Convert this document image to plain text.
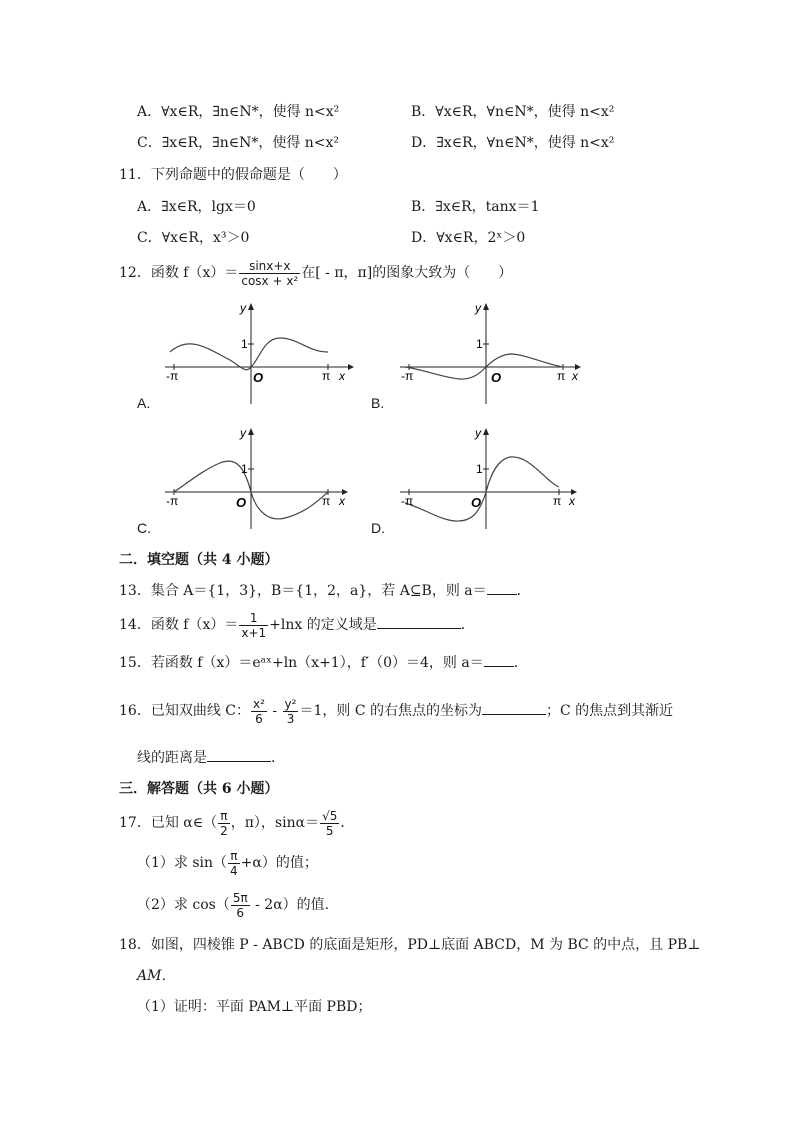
A．∀x∈R，∃n∈N*，使得 n<x²	B．∀x∈R，∀n∈N*，使得 n<x²
C．∃x∈R，∃n∈N*，使得 n<x²	D．∃x∈R，∀n∈N*，使得 n<x²
11．下列命题中的假命题是（　　）
A．∃x∈R，lgx＝0	B．∃x∈R，tanx＝1
C．∀x∈R，x³＞0	D．∀x∈R，2ˣ＞0
12．函数 $f(x)= \frac{\sin x+x}{\text{cosx + x²}}$ 在[ - π，π]的图象大致为（　　）
y
1
O
-π	π x
A.
y
1
O
-π	π x
B.
y
1
O
-π	π x
C.
y
1
O
-π	π x
D.
二．填空题（共 4 小题）
13．集合 A＝{1，3}，B＝{1，2，a}，若 A⊆B，则 a＝ ．
14．函数 $f(x)= \frac{1}{x+1} +\ln x$ 的定义域是	．
15．若函数 f（x）＝eᵃˣ+ln（x+1），f′（0）＝4，则 a＝ ．
16．已知双曲线 C： $\frac{\text{x²}}{6} - \frac{\text{y²}}{3} =1$，则 C 的右焦点的坐标为	；C 的焦点到其渐近
线的距离是	．
三．解答题（共 6 小题）
17．已知 α∈（ $\frac{\pi}{2}$ ，π），$\sin\alpha= \frac{√5}{5}$ ．
（1）求 $\sin( \frac{\pi}{4} +\alpha)$的值；
（2）求 $\cos( \frac{5\pi}{6} - 2\alpha)$的值.
18．如图，四棱锥 P - ABCD 的底面是矩形，PD⊥底面 ABCD，M 为 BC 的中点，且 PB⊥
AM．
（1）证明：平面 PAM⊥平面 PBD；
